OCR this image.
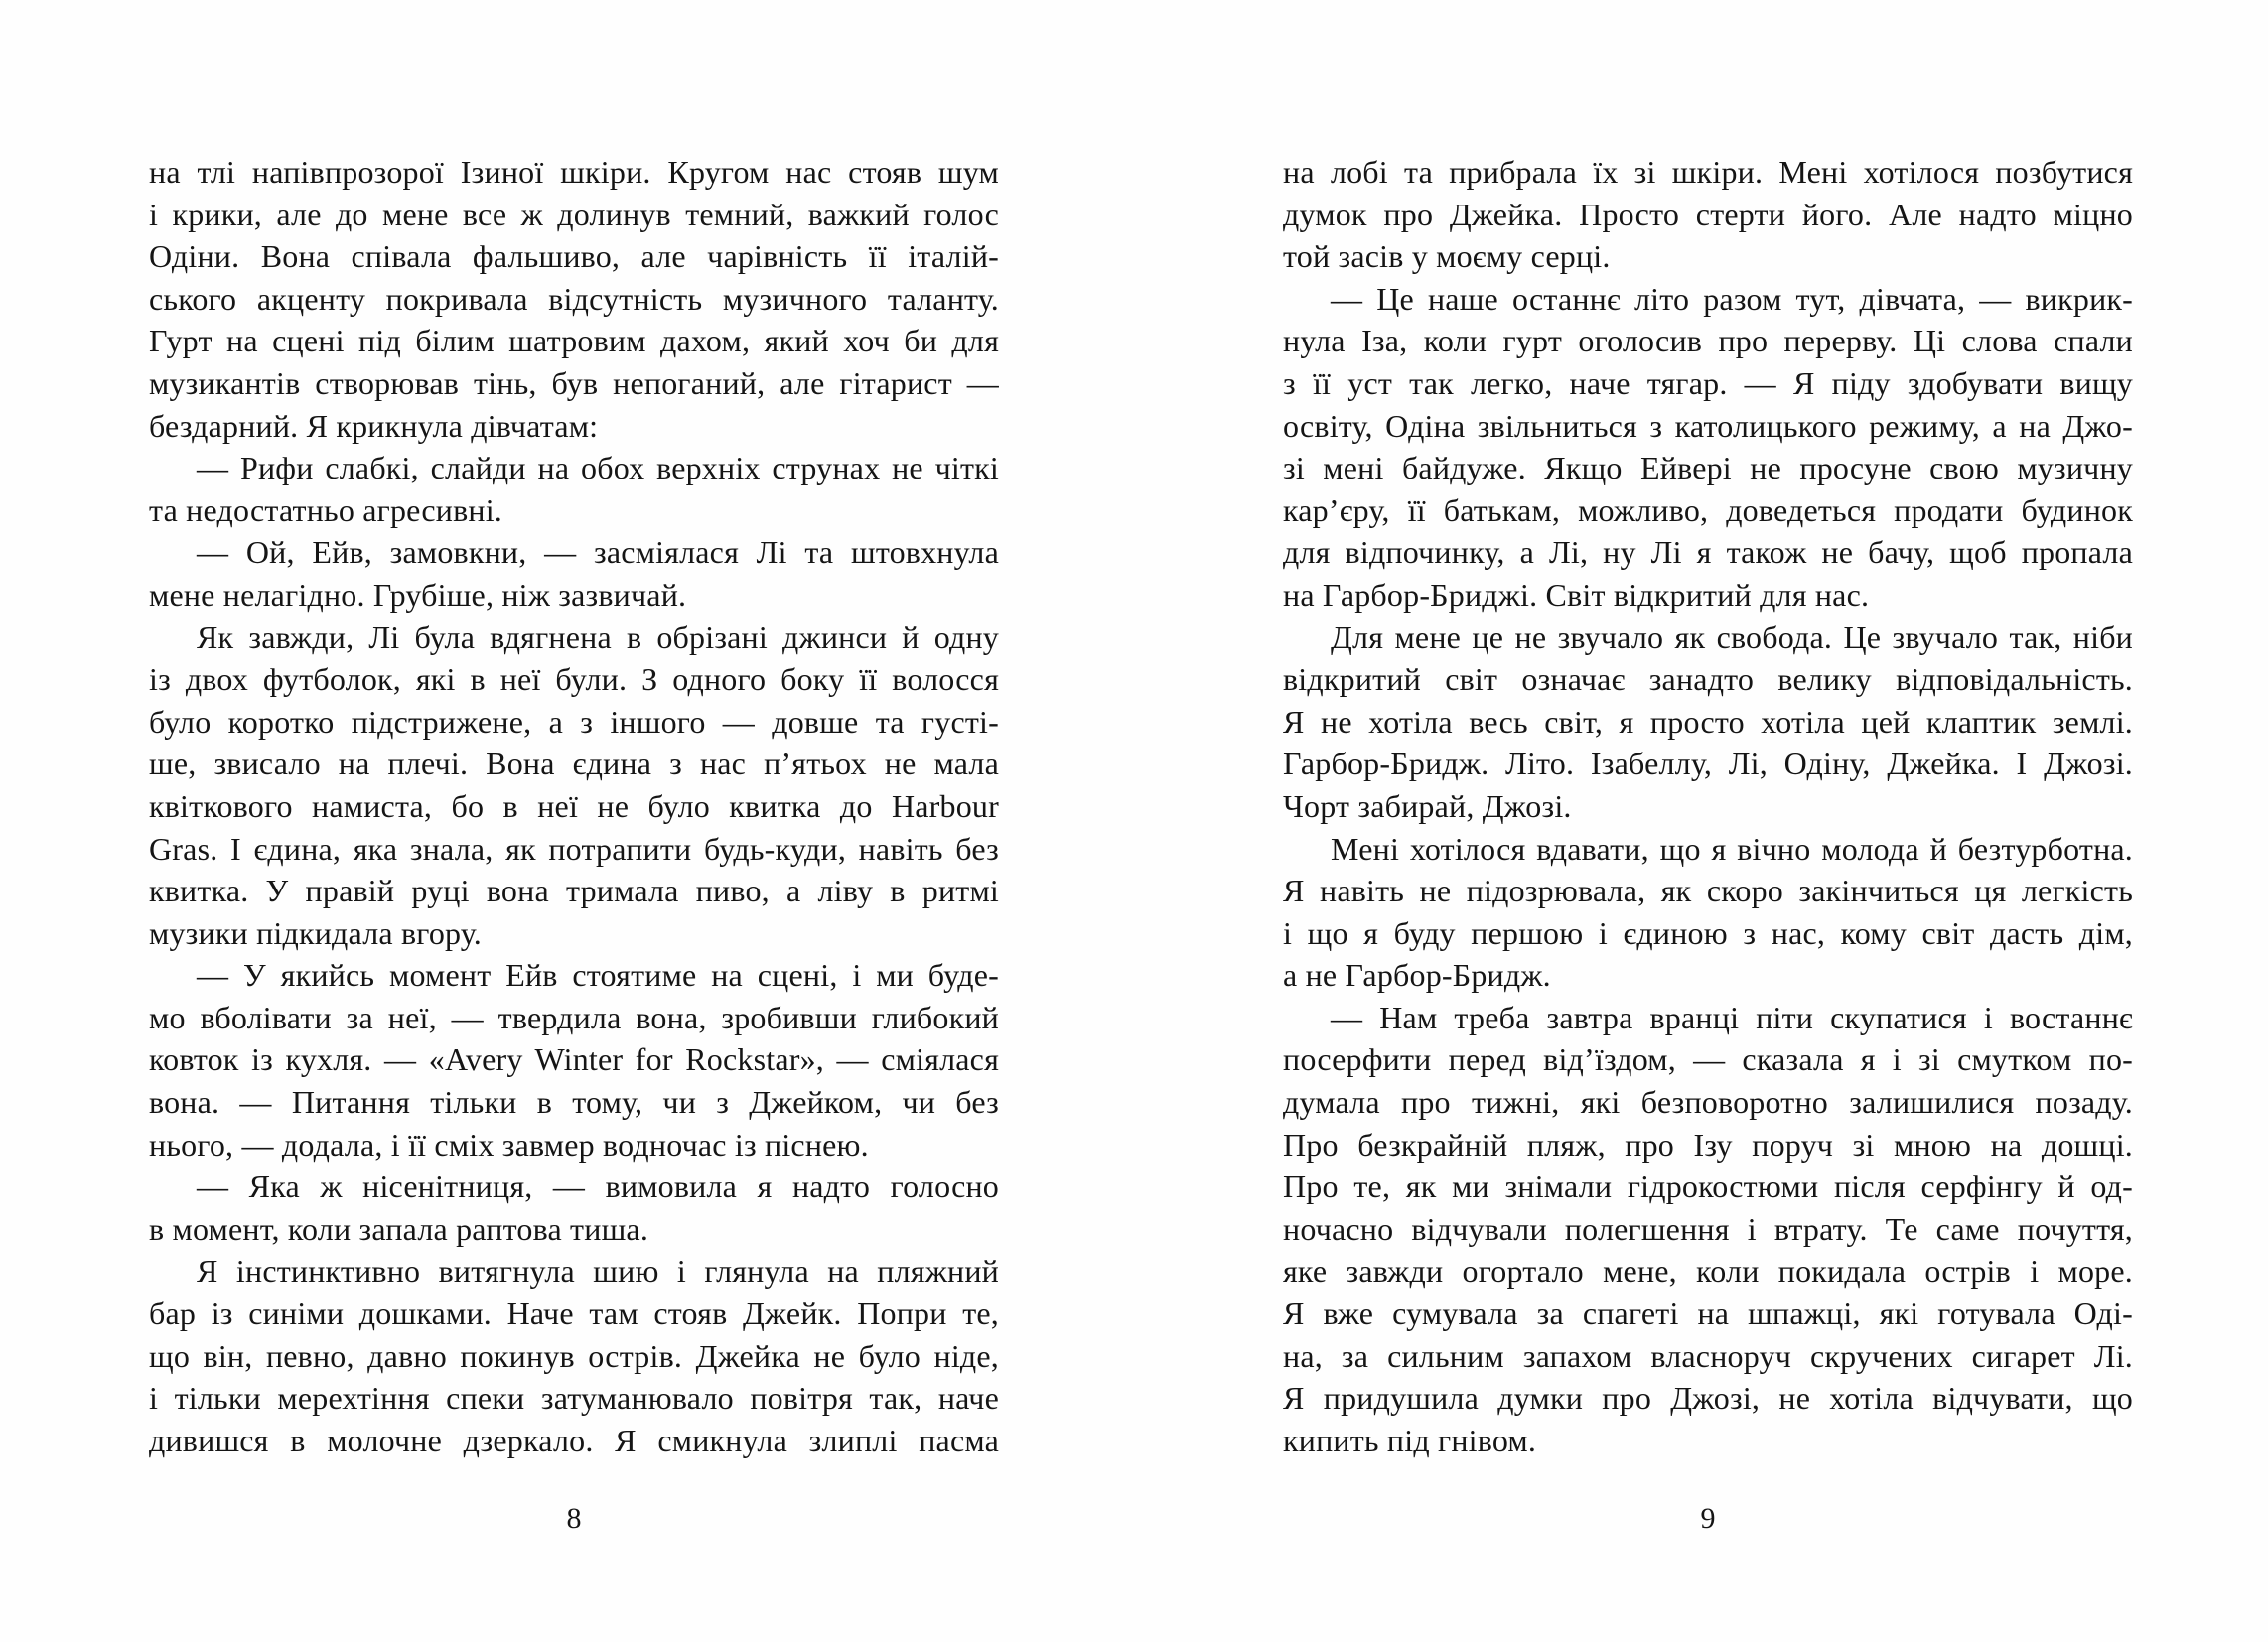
на тлі напівпрозорої Ізиної шкіри. Кругом нас стояв шум
і крики, але до мене все ж долинув темний, важкий голос
Одіни. Вона співала фальшиво, але чарівність її італій-
ського акценту покривала відсутність музичного таланту.
Гурт на сцені під білим шатровим дахом, який хоч би для
музикантів створював тінь, був непоганий, але гітарист —
бездарний. Я крикнула дівчатам:
— Рифи слабкі, слайди на обох верхніх струнах не чіткі
та недостатньо агресивні.
— Ой, Ейв, замовкни, — засміялася Лі та штовхнула
мене нелагідно. Грубіше, ніж зазвичай.
Як завжди, Лі була вдягнена в обрізані джинси й одну
із двох футболок, які в неї були. З одного боку її волосся
було коротко підстрижене, а з іншого — довше та густі-
ше, звисало на плечі. Вона єдина з нас п’ятьох не мала
квіткового намиста, бо в неї не було квитка до Harbour
Gras. І єдина, яка знала, як потрапити будь-куди, навіть без
квитка. У правій руці вона тримала пиво, а ліву в ритмі
музики підкидала вгору.
— У якийсь момент Ейв стоятиме на сцені, і ми буде-
мо вболівати за неї, — твердила вона, зробивши глибокий
ковток із кухля. — «Avery Winter for Rockstar», — сміялася
вона. — Питання тільки в тому, чи з Джейком, чи без
нього, — додала, і її сміх завмер водночас із піснею.
— Яка ж нісенітниця, — вимовила я надто голосно
в момент, коли запала раптова тиша.
Я інстинктивно витягнула шию і глянула на пляжний
бар із синіми дошками. Наче там стояв Джейк. Попри те,
що він, певно, давно покинув острів. Джейка не було ніде,
і тільки мерехтіння спеки затуманювало повітря так, наче
дивишся в молочне дзеркало. Я смикнула злиплі пасма
на лобі та прибрала їх зі шкіри. Мені хотілося позбутися
думок про Джейка. Просто стерти його. Але надто міцно
той засів у моєму серці.
— Це наше останнє літо разом тут, дівчата, — викрик-
нула Іза, коли гурт оголосив про перерву. Ці слова спали
з її уст так легко, наче тягар. — Я піду здобувати вищу
освіту, Одіна звільниться з католицького режиму, а на Джо-
зі мені байдуже. Якщо Ейвері не просуне свою музичну
кар’єру, її батькам, можливо, доведеться продати будинок
для відпочинку, а Лі, ну Лі я також не бачу, щоб пропала
на Гарбор-Бриджі. Світ відкритий для нас.
Для мене це не звучало як свобода. Це звучало так, ніби
відкритий світ означає занадто велику відповідальність.
Я не хотіла весь світ, я просто хотіла цей клаптик землі.
Гарбор-Бридж. Літо. Ізабеллу, Лі, Одіну, Джейка. І Джозі.
Чорт забирай, Джозі.
Мені хотілося вдавати, що я вічно молода й безтурботна.
Я навіть не підозрювала, як скоро закінчиться ця легкість
і що я буду першою і єдиною з нас, кому світ дасть дім,
а не Гарбор-Бридж.
— Нам треба завтра вранці піти скупатися і востаннє
посерфити перед від’їздом, — сказала я і зі смутком по-
думала про тижні, які безповоротно залишилися позаду.
Про безкрайній пляж, про Ізу поруч зі мною на дошці.
Про те, як ми знімали гідрокостюми після серфінгу й од-
ночасно відчували полегшення і втрату. Те саме почуття,
яке завжди огортало мене, коли покидала острів і море.
Я вже сумувала за спагеті на шпажці, які готувала Оді-
на, за сильним запахом власноруч скручених сигарет Лі.
Я придушила думки про Джозі, не хотіла відчувати, що
кипить під гнівом.
8	9
